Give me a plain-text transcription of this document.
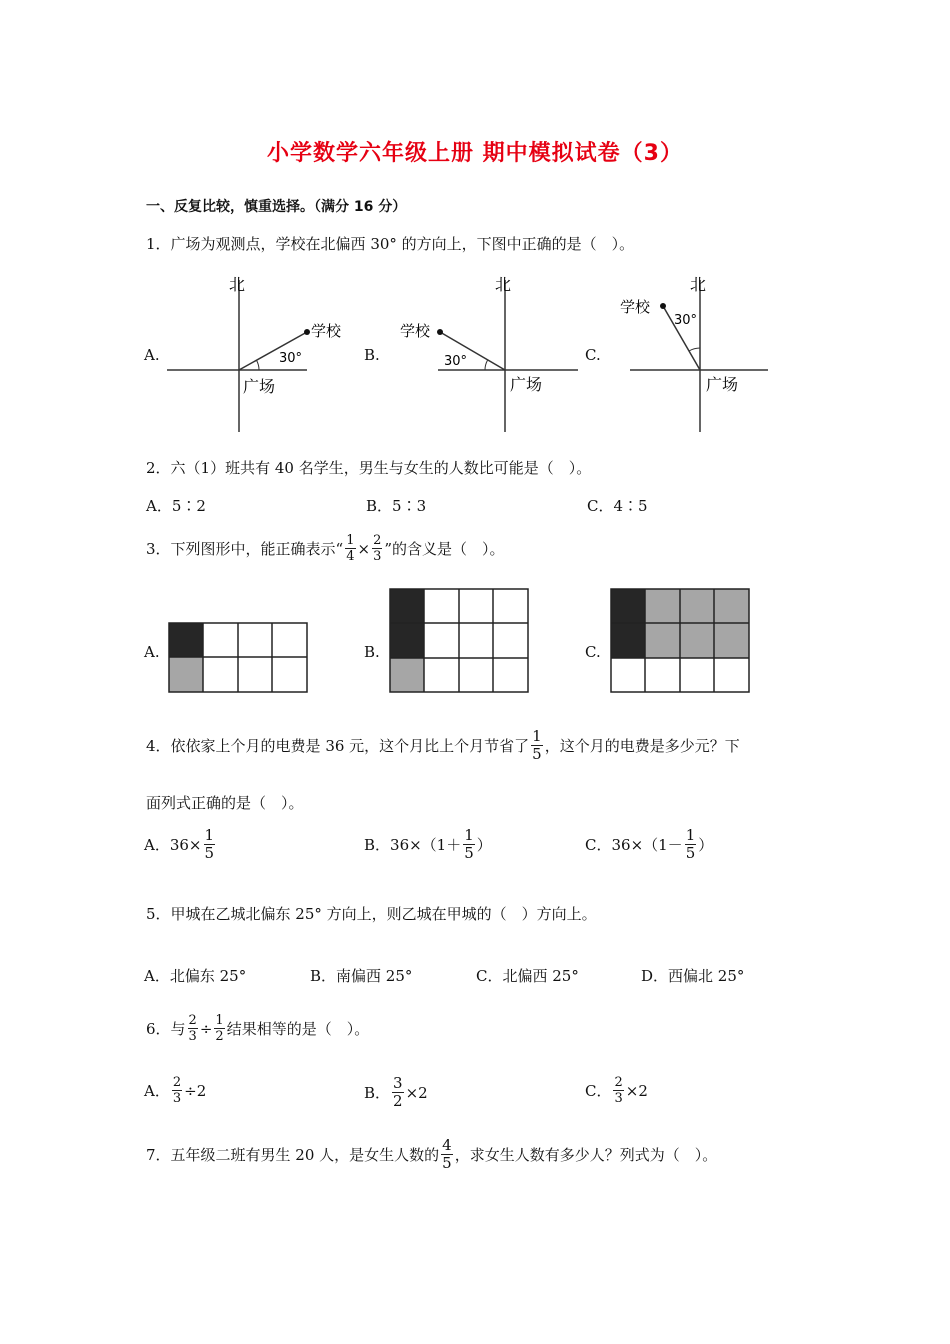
小学数学六年级上册 期中模拟试卷（3）
一、反复比较，慎重选择。（满分 16 分）
1．广场为观测点，学校在北偏西 30° 的方向上，下图中正确的是（　）。
A.
北
学校
广场
30°	B.
北
学校
广场
30°	C.
北
学校
广场
30°
2．六（1）班共有 40 名学生，男生与女生的人数比可能是（　）。
A．5∶2	B．5∶3	C．4∶5
3．下列图形中，能正确表示“ $\frac{1}{4} \times \frac{2}{3}$ ”的含义是（　）。
A.	B.	C.
4．依依家上个月的电费是 36 元，这个月比上个月节省了 $\frac{1}{5}$ ，这个月的电费是多少元？下
面列式正确的是（　）。
A．$36\times \frac{1}{5}$	B．$36\times(1+ \frac{1}{5}$ ）	C．$36\times(1- \frac{1}{5}$ ）
5．甲城在乙城北偏东 25° 方向上，则乙城在甲城的（　）方向上。
A．北偏东 25°	B．南偏西 25°	C．北偏西 25°	D．西偏北 25°
6．与 $\frac{2}{3} \div \frac{1}{2}$ 结果相等的是（　）。
A． $\frac{2}{3} \div 2$	B． $\frac{3}{2} \times 2$	C． $\frac{2}{3} \times 2$
7．五年级二班有男生 20 人，是女生人数的 $\frac{4}{5}$ ，求女生人数有多少人？列式为（　）。
